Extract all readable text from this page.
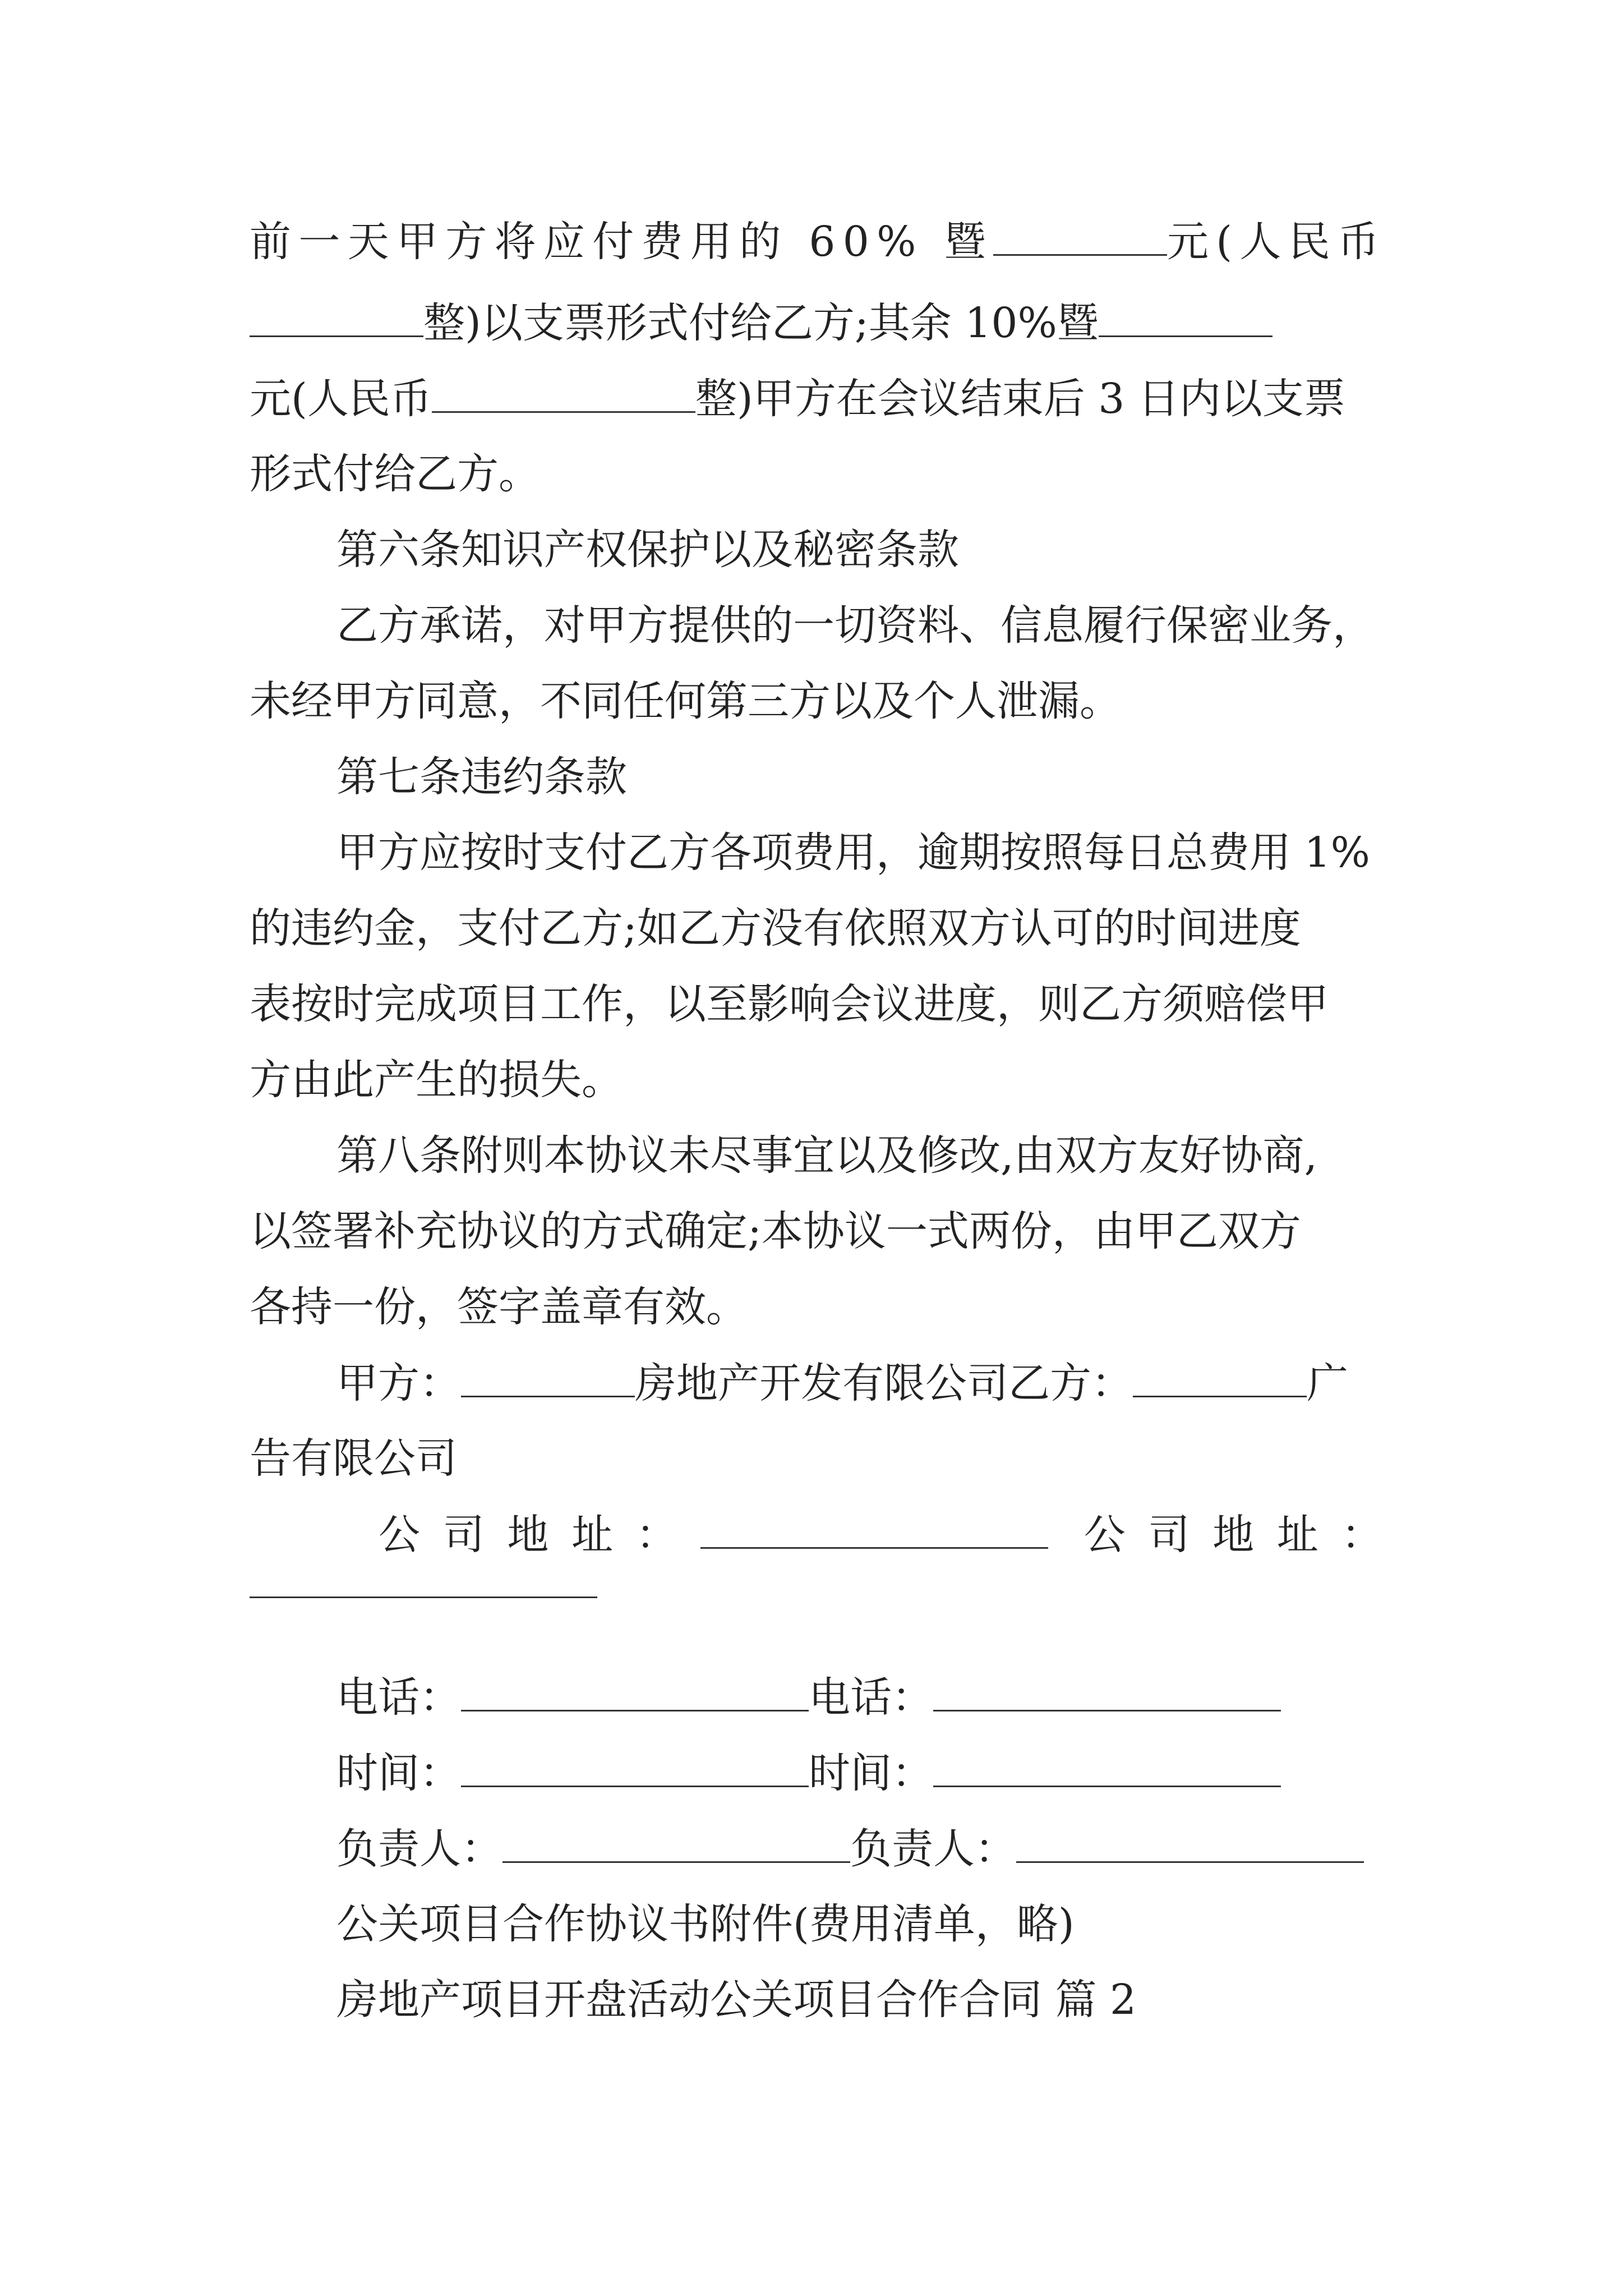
前一天甲方将应付费用的 60% 暨	元(人民币
整)以支票形式付给乙方;其余 10%暨
元(人民币	整)甲方在会议结束后 3 日内以支票
形式付给乙方。
第六条知识产权保护以及秘密条款
乙方承诺，对甲方提供的一切资料、信息履行保密业务，
未经甲方同意，不同任何第三方以及个人泄漏。
第七条违约条款
甲方应按时支付乙方各项费用，逾期按照每日总费用 1%
的违约金，支付乙方;如乙方没有依照双方认可的时间进度
表按时完成项目工作，以至影响会议进度，则乙方须赔偿甲
方由此产生的损失。
第八条附则本协议未尽事宜以及修改,由双方友好协商,
以签署补充协议的方式确定;本协议一式两份，由甲乙双方
各持一份，签字盖章有效。
甲方：	房地产开发有限公司乙方：	广
告有限公司
公司地址：	公司地址：
电话：	电话：
时间：	时间：
负责人：	负责人：
公关项目合作协议书附件(费用清单，略)
房地产项目开盘活动公关项目合作合同 篇 2
